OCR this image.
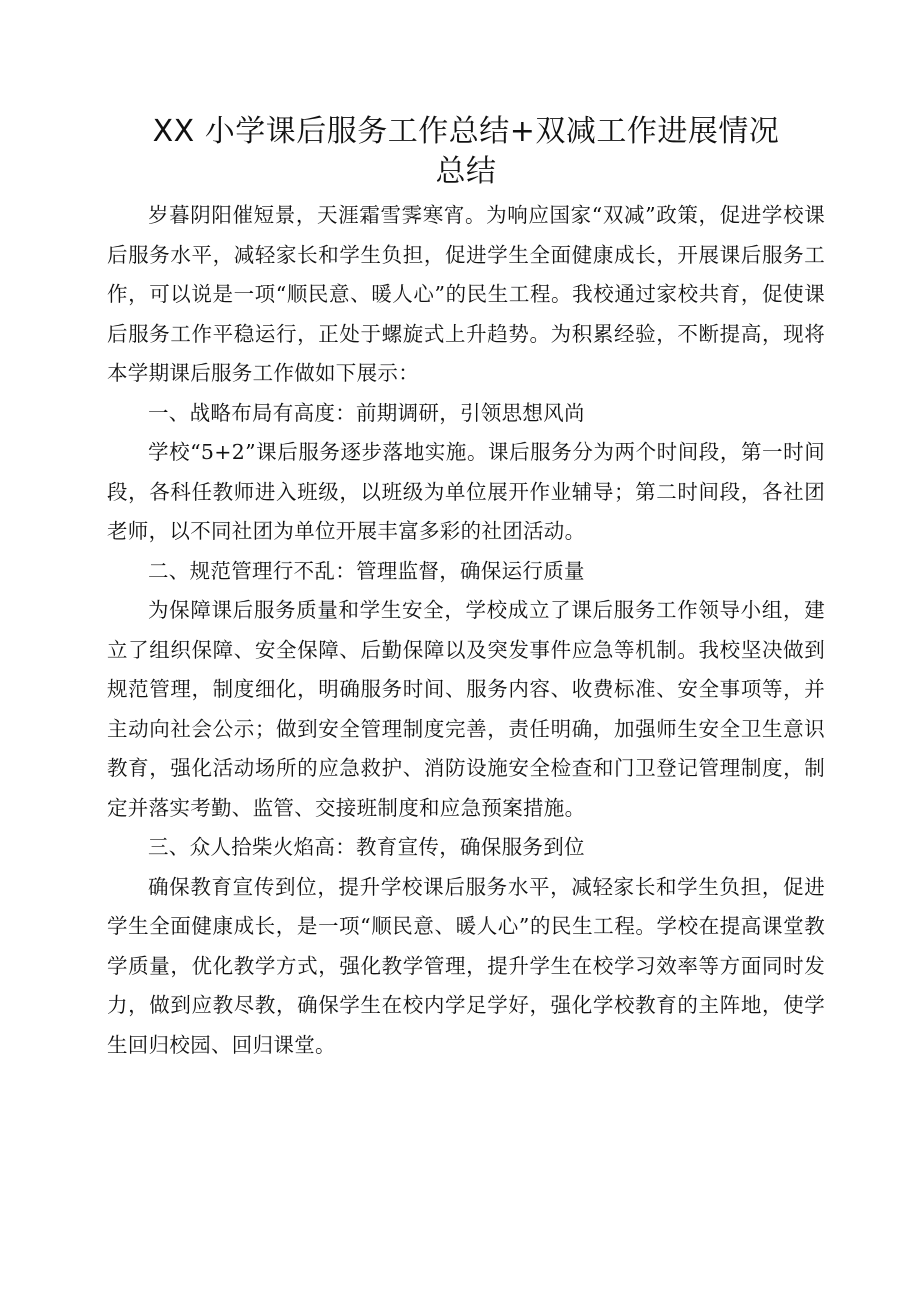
XX 小学课后服务工作总结+双减工作进展情况
总结

岁暮阴阳催短景，天涯霜雪霁寒宵。为响应国家“双减”政策，促进学校课后服务水平，减轻家长和学生负担，促进学生全面健康成长，开展课后服务工作，可以说是一项“顺民意、暖人心”的民生工程。我校通过家校共育，促使课后服务工作平稳运行，正处于螺旋式上升趋势。为积累经验，不断提高，现将本学期课后服务工作做如下展示：

一、战略布局有高度：前期调研，引领思想风尚

学校“5+2”课后服务逐步落地实施。课后服务分为两个时间段，第一时间段，各科任教师进入班级，以班级为单位展开作业辅导；第二时间段，各社团老师，以不同社团为单位开展丰富多彩的社团活动。

二、规范管理行不乱：管理监督，确保运行质量

为保障课后服务质量和学生安全，学校成立了课后服务工作领导小组，建立了组织保障、安全保障、后勤保障以及突发事件应急等机制。我校坚决做到规范管理，制度细化，明确服务时间、服务内容、收费标准、安全事项等，并主动向社会公示；做到安全管理制度完善，责任明确，加强师生安全卫生意识教育，强化活动场所的应急救护、消防设施安全检查和门卫登记管理制度，制定并落实考勤、监管、交接班制度和应急预案措施。

三、众人拾柴火焰高：教育宣传，确保服务到位

确保教育宣传到位，提升学校课后服务水平，减轻家长和学生负担，促进学生全面健康成长，是一项“顺民意、暖人心”的民生工程。学校在提高课堂教学质量，优化教学方式，强化教学管理，提升学生在校学习效率等方面同时发力，做到应教尽教，确保学生在校内学足学好，强化学校教育的主阵地，使学生回归校园、回归课堂。
